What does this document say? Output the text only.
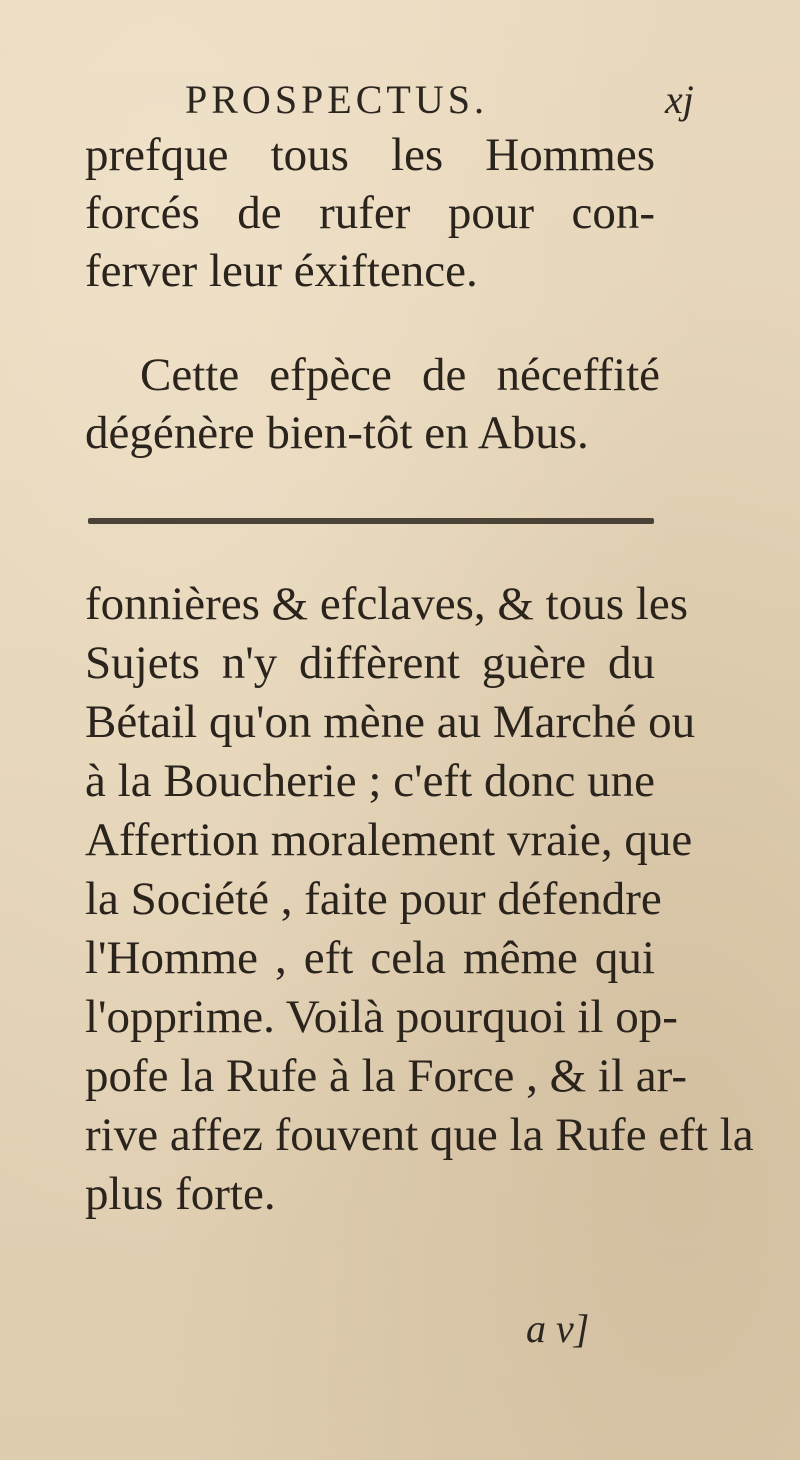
PROSPECTUS.	xj
prefque tous les Hommes
forcés de rufer pour con-
ferver leur éxiftence.
Cette efpèce de néceffité
dégénère bien-tôt en Abus.
fonnières & efclaves, & tous les
Sujets n'y diffèrent guère du
Bétail qu'on mène au Marché ou
à la Boucherie ; c'eft donc une
Affertion moralement vraie, que
la Société , faite pour défendre
l'Homme , eft cela même qui
l'opprime. Voilà pourquoi il op-
pofe la Rufe à la Force , & il ar-
rive affez fouvent que la Rufe eft la
plus forte.
a v]
